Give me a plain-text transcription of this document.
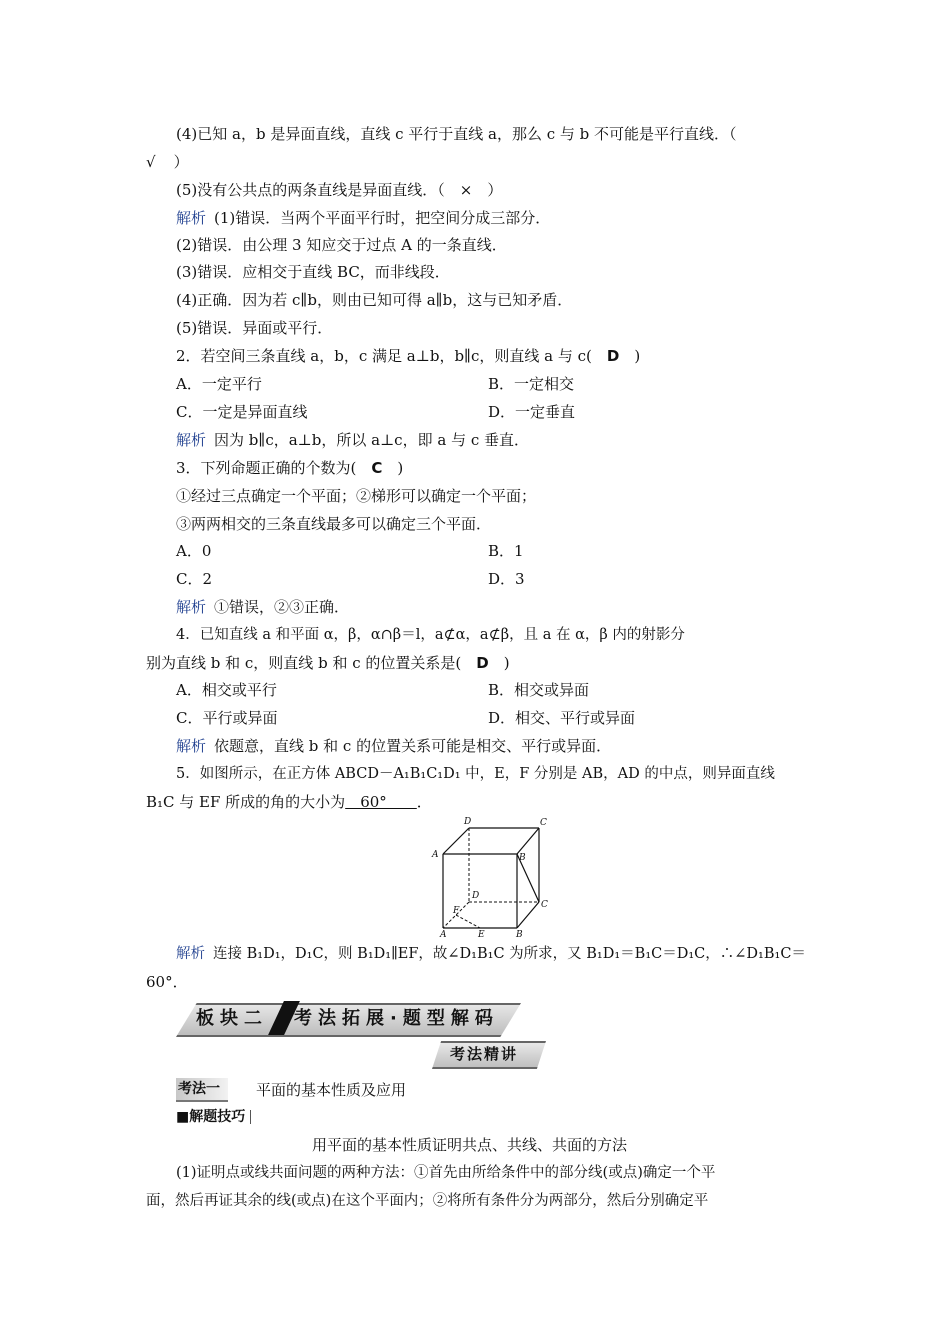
(4)已知 a，b 是异面直线，直线 c 平行于直线 a，那么 c 与 b 不可能是平行直线．（
√ ）
(5)没有公共点的两条直线是异面直线．（　×　）
解析 (1)错误．当两个平面平行时，把空间分成三部分．
(2)错误．由公理 3 知应交于过点 A 的一条直线．
(3)错误．应相交于直线 BC，而非线段．
(4)正确．因为若 c∥b，则由已知可得 a∥b，这与已知矛盾．
(5)错误．异面或平行．
2．若空间三条直线 a，b，c 满足 a⊥b，b∥c，则直线 a 与 c(　D　)
A．一定平行	B．一定相交
C．一定是异面直线	D．一定垂直
解析 因为 b∥c，a⊥b，所以 a⊥c，即 a 与 c 垂直．
3．下列命题正确的个数为(　C　)
①经过三点确定一个平面；②梯形可以确定一个平面；
③两两相交的三条直线最多可以确定三个平面．
A．0	B．1
C．2	D．3
解析 ①错误，②③正确．
4．已知直线 a 和平面 α，β，α∩β＝l，a⊄α，a⊄β，且 a 在 α，β 内的射影分
别为直线 b 和 c，则直线 b 和 c 的位置关系是(　D　)
A．相交或平行	B．相交或异面
C．平行或异面	D．相交、平行或异面
解析 依题意，直线 b 和 c 的位置关系可能是相交、平行或异面．
5．如图所示，在正方体 ABCD－A₁B₁C₁D₁ 中，E，F 分别是 AB，AD 的中点，则异面直线
B₁C 与 EF 所成的角的大小为　60°　　．
D	C
A	B
D
C
F
A	E	B
解析 连接 B₁D₁，D₁C，则 B₁D₁∥EF，故∠D₁B₁C 为所求，又 B₁D₁＝B₁C＝D₁C，∴∠D₁B₁C＝
60°．
板块二 考法拓展·题型解码
考法精讲
考法一 平面的基本性质及应用
■解题技巧
用平面的基本性质证明共点、共线、共面的方法
(1)证明点或线共面问题的两种方法：①首先由所给条件中的部分线(或点)确定一个平
面，然后再证其余的线(或点)在这个平面内；②将所有条件分为两部分，然后分别确定平
